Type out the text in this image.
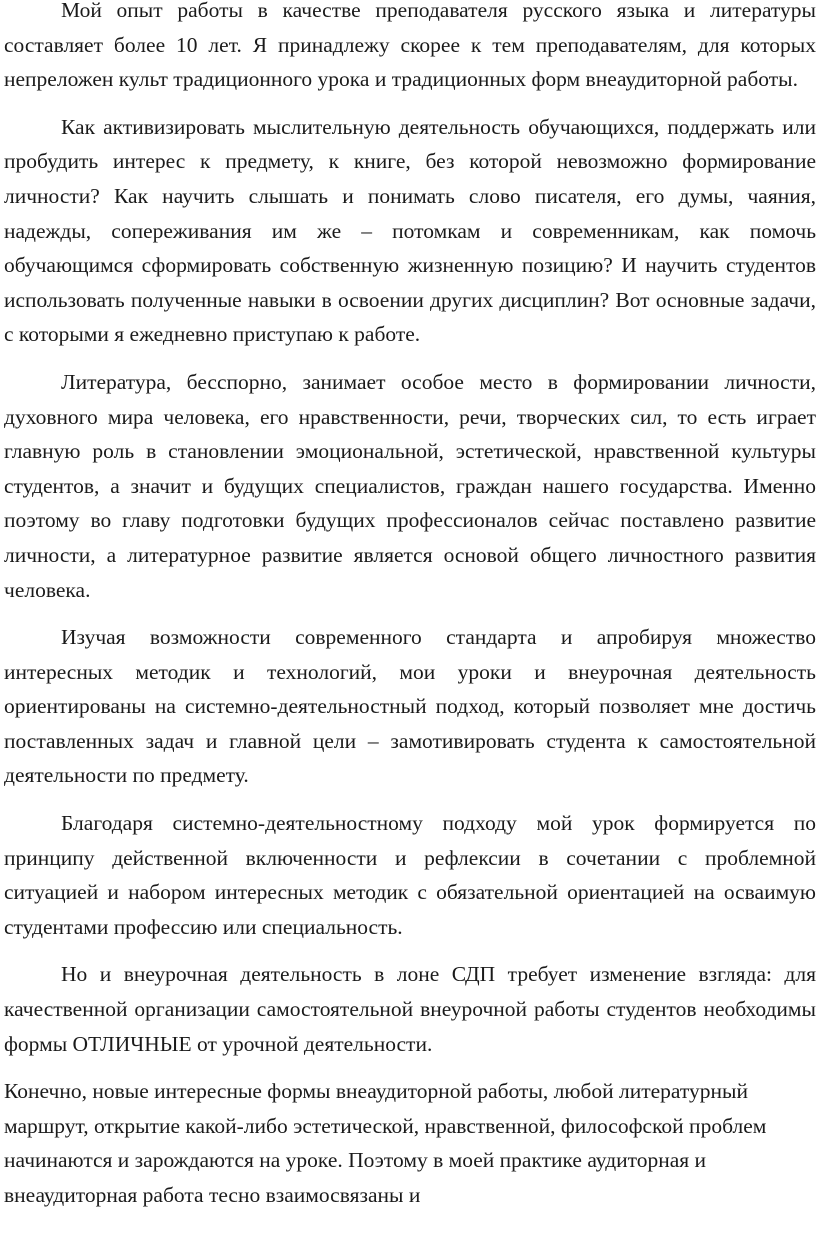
Мой опыт работы в качестве преподавателя русского языка и литературы составляет более 10 лет. Я принадлежу скорее к тем преподавателям, для которых непреложен культ традиционного урока и традиционных форм внеаудиторной работы.

Как активизировать мыслительную деятельность обучающихся, поддержать или пробудить интерес к предмету, к книге, без которой невозможно формирование личности? Как научить слышать и понимать слово писателя, его думы, чаяния, надежды, сопереживания им же – потомкам и современникам, как помочь обучающимся сформировать собственную жизненную позицию? И научить студентов использовать полученные навыки в освоении других дисциплин? Вот основные задачи, с которыми я ежедневно приступаю к работе.

Литература, бесспорно, занимает особое место в формировании личности, духовного мира человека, его нравственности, речи, творческих сил, то есть играет главную роль в становлении эмоциональной, эстетической, нравственной культуры студентов, а значит и будущих специалистов, граждан нашего государства. Именно поэтому во главу подготовки будущих профессионалов сейчас поставлено развитие личности, а литературное развитие является основой общего личностного развития человека.

Изучая возможности современного стандарта и апробируя множество интересных методик и технологий, мои уроки и внеурочная деятельность ориентированы на системно-деятельностный подход, который позволяет мне достичь поставленных задач и главной цели – замотивировать студента к самостоятельной деятельности по предмету.

Благодаря системно-деятельностному подходу мой урок формируется по принципу действенной включенности и рефлексии в сочетании с проблемной ситуацией и набором интересных методик с обязательной ориентацией на осваимую студентами профессию или специальность.

Но и внеурочная деятельность в лоне СДП требует изменение взгляда: для качественной организации самостоятельной внеурочной работы студентов необходимы формы ОТЛИЧНЫЕ от урочной деятельности.

Конечно, новые интересные формы внеаудиторной работы, любой литературный маршрут, открытие какой-либо эстетической, нравственной, философской проблем начинаются и зарождаются на уроке. Поэтому в моей практике аудиторная и внеаудиторная работа тесно взаимосвязаны и
